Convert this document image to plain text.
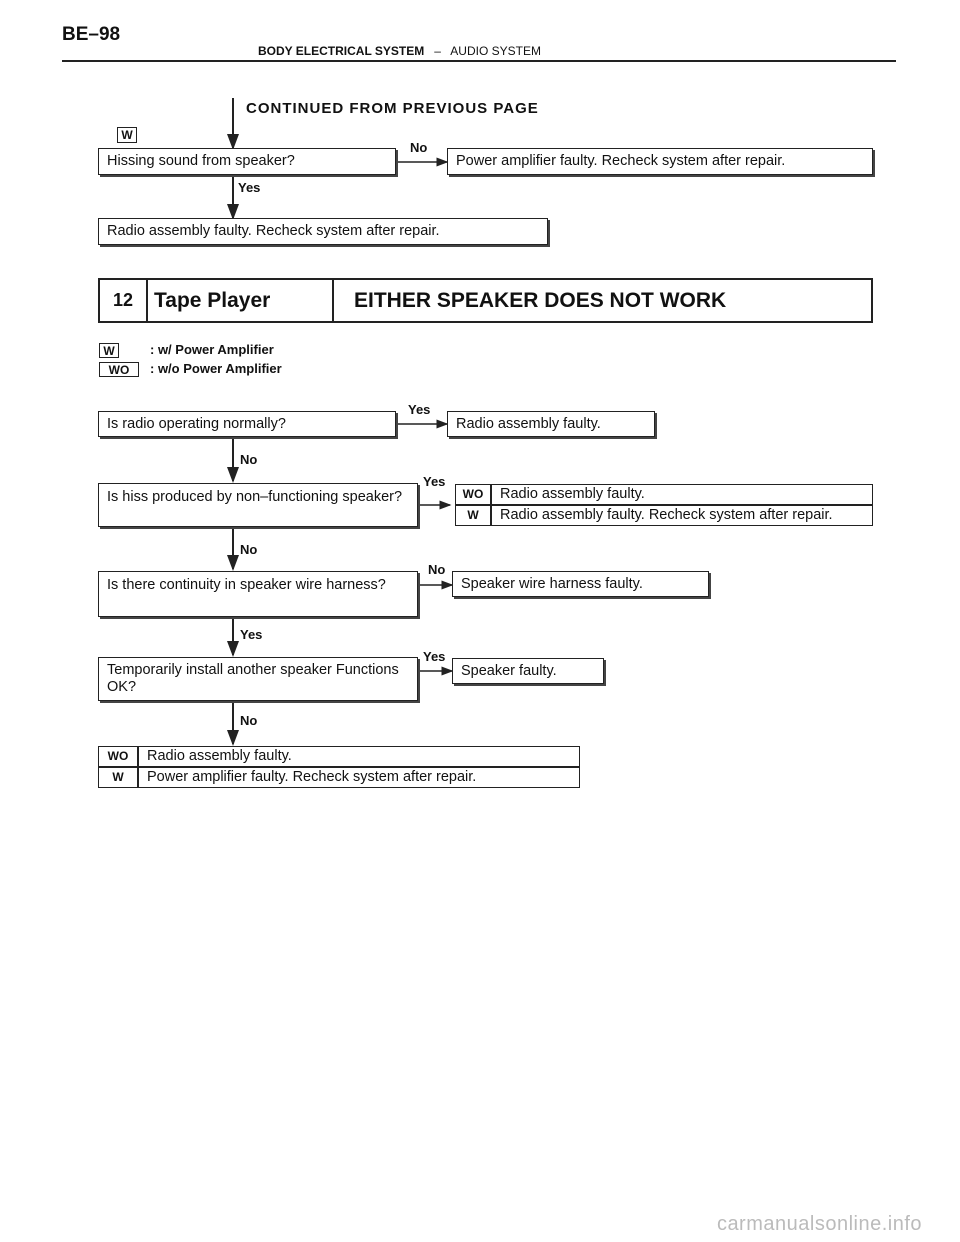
BE–98
BODY ELECTRICAL SYSTEM – AUDIO SYSTEM
CONTINUED FROM PREVIOUS PAGE
W
Hissing sound from speaker?
No
Power amplifier faulty. Recheck system after repair.
Yes
Radio assembly faulty. Recheck system after repair.
12 Tape Player	EITHER SPEAKER DOES NOT WORK
W	: w/ Power Amplifier
WO	: w/o Power Amplifier
Is radio operating normally?
Yes
Radio assembly faulty.
No
Is hiss produced by non–functioning speaker?
Yes
WO	Radio assembly faulty.
W	Radio assembly faulty. Recheck system after repair.
No
Is there continuity in speaker wire harness?
No
Speaker wire harness faulty.
Yes
Temporarily install another speaker Functions OK?
Yes
Speaker faulty.
No
WO	Radio assembly faulty.
W	Power amplifier faulty. Recheck system after repair.
carmanualsonline.info
